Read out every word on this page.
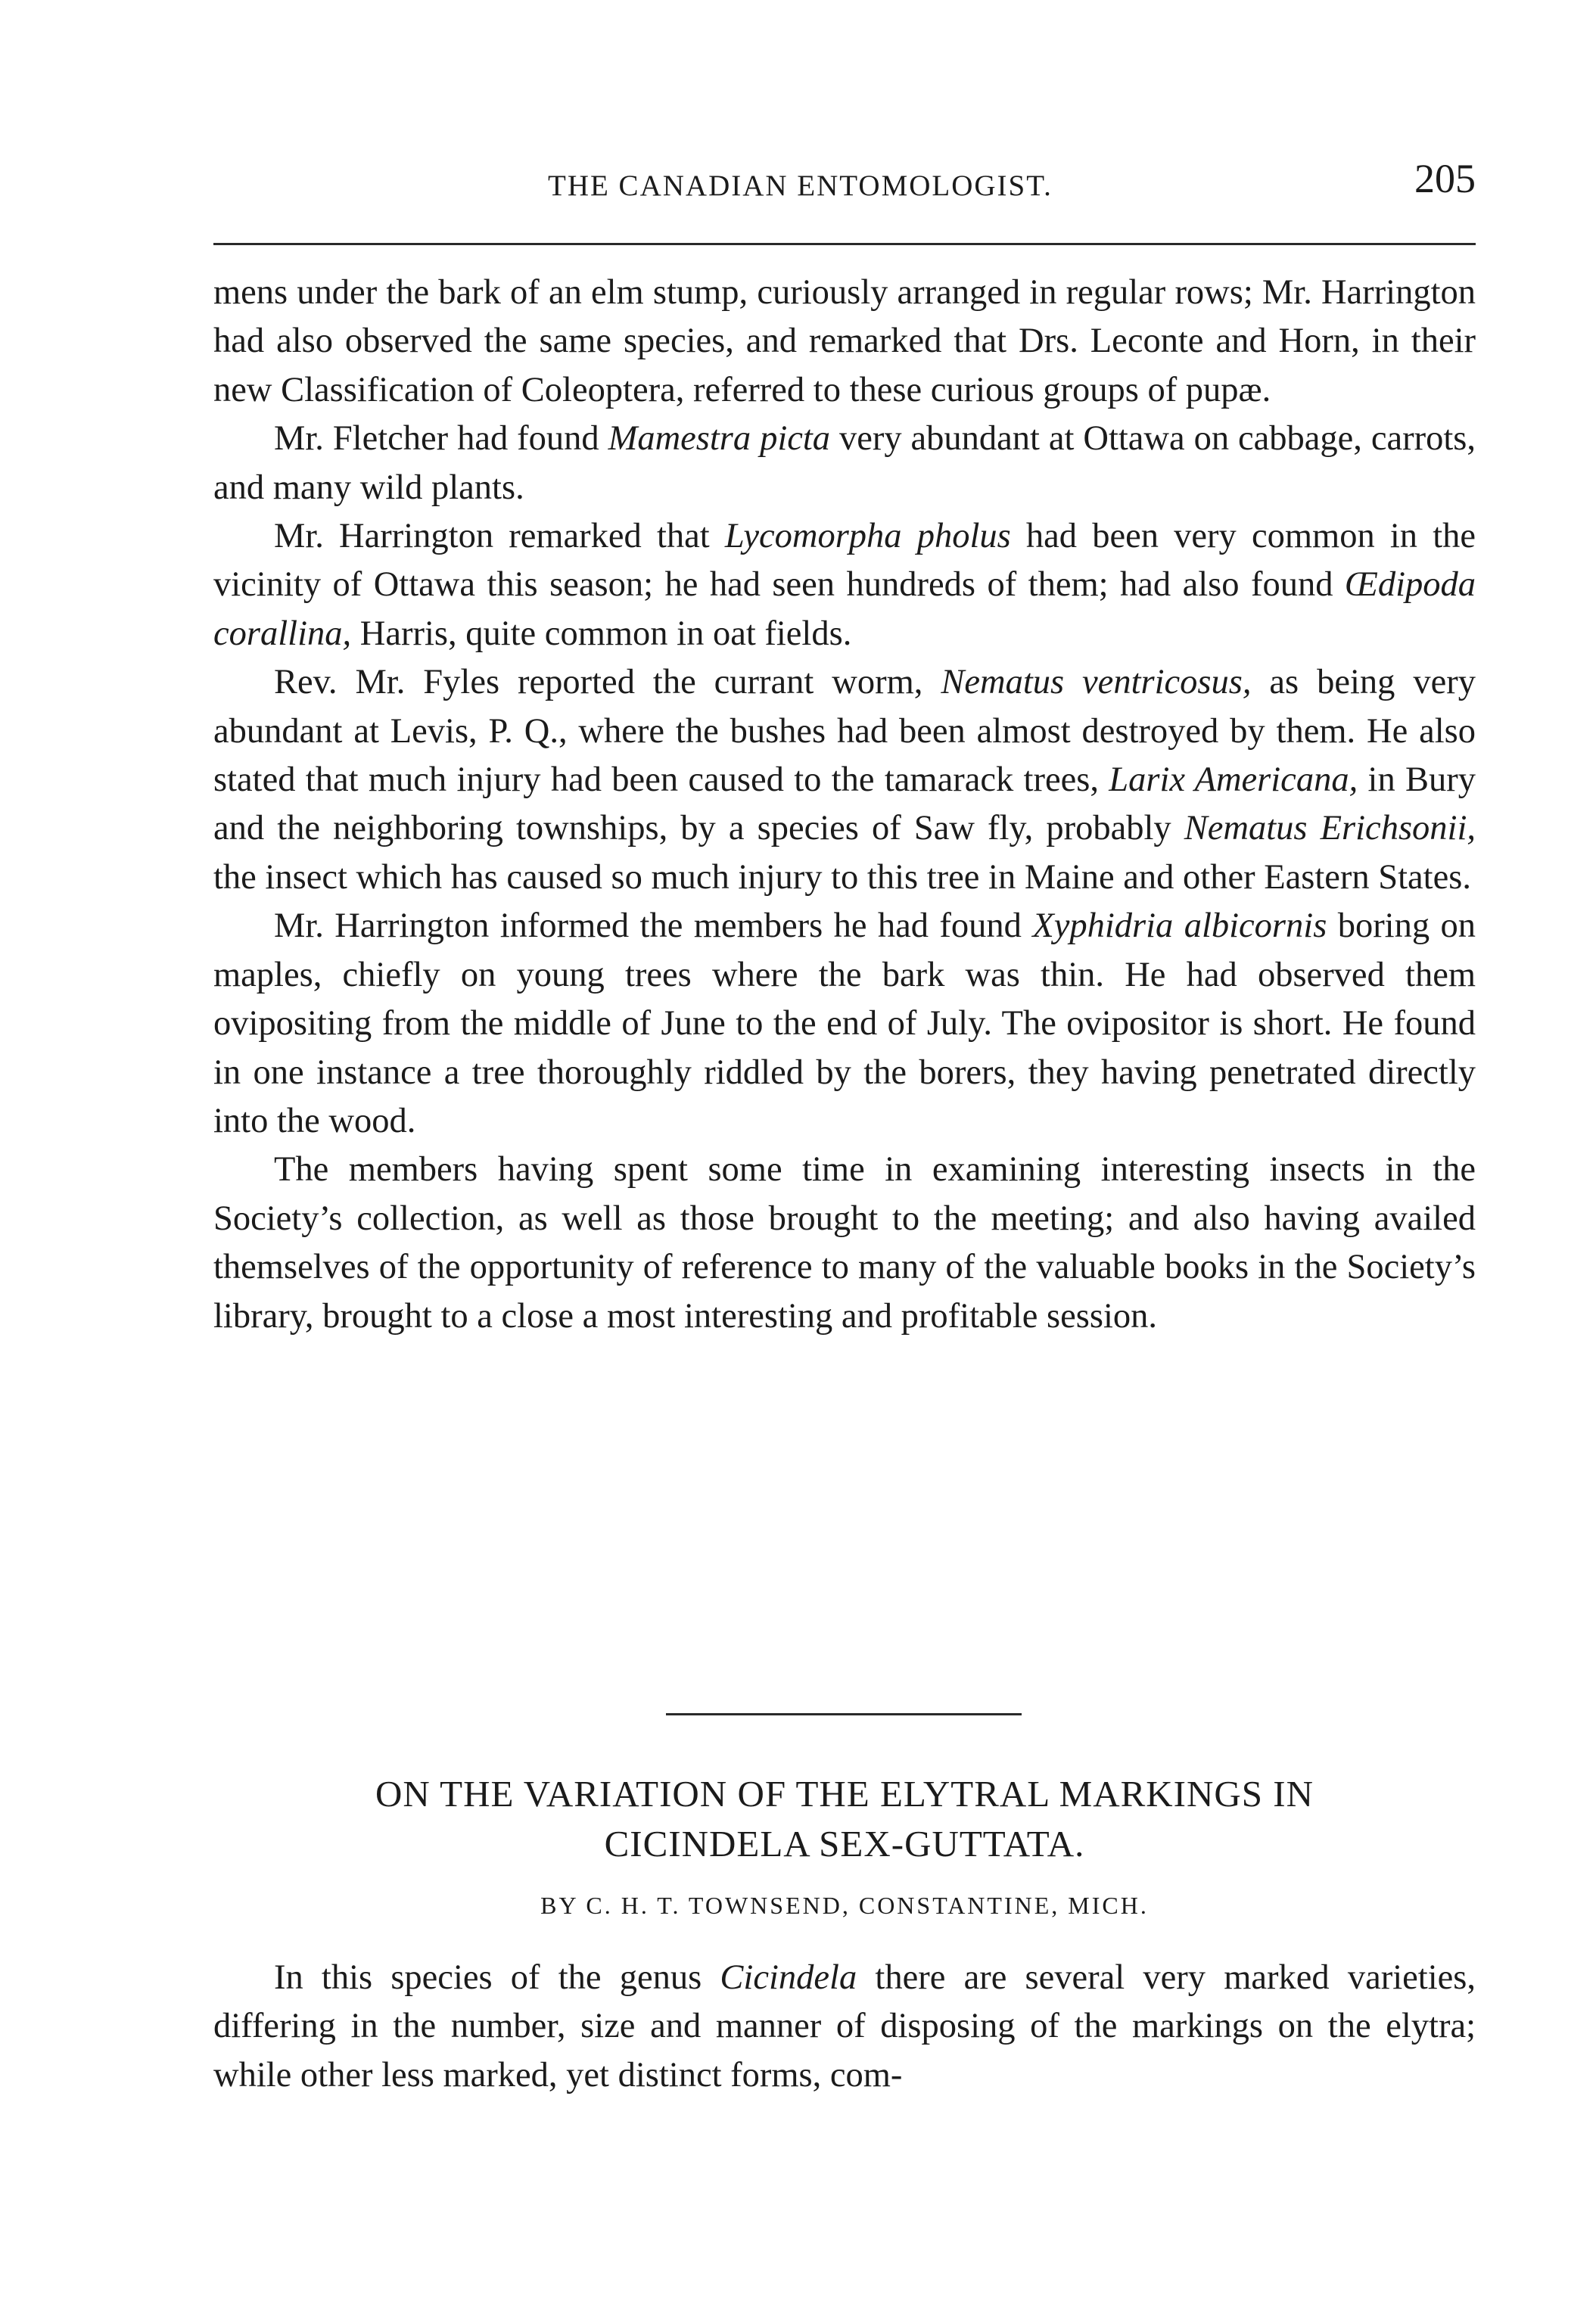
THE CANADIAN ENTOMOLOGIST.	205

mens under the bark of an elm stump, curiously arranged in regular rows; Mr. Harrington had also observed the same species, and remarked that Drs. Leconte and Horn, in their new Classification of Coleoptera, referred to these curious groups of pupæ.

Mr. Fletcher had found Mamestra picta very abundant at Ottawa on cabbage, carrots, and many wild plants.

Mr. Harrington remarked that Lycomorpha pholus had been very common in the vicinity of Ottawa this season; he had seen hundreds of them; had also found Œdipoda corallina, Harris, quite common in oat fields.

Rev. Mr. Fyles reported the currant worm, Nematus ventricosus, as being very abundant at Levis, P. Q., where the bushes had been almost destroyed by them. He also stated that much injury had been caused to the tamarack trees, Larix Americana, in Bury and the neighboring townships, by a species of Saw fly, probably Nematus Erichsonii, the insect which has caused so much injury to this tree in Maine and other Eastern States.

Mr. Harrington informed the members he had found Xyphidria albicornis boring on maples, chiefly on young trees where the bark was thin. He had observed them ovipositing from the middle of June to the end of July. The ovipositor is short. He found in one instance a tree thoroughly riddled by the borers, they having penetrated directly into the wood.

The members having spent some time in examining interesting insects in the Society’s collection, as well as those brought to the meeting; and also having availed themselves of the opportunity of reference to many of the valuable books in the Society’s library, brought to a close a most interesting and profitable session.

ON THE VARIATION OF THE ELYTRAL MARKINGS IN
CICINDELA SEX-GUTTATA.
BY C. H. T. TOWNSEND, CONSTANTINE, MICH.

In this species of the genus Cicindela there are several very marked varieties, differing in the number, size and manner of disposing of the markings on the elytra; while other less marked, yet distinct forms, com-
